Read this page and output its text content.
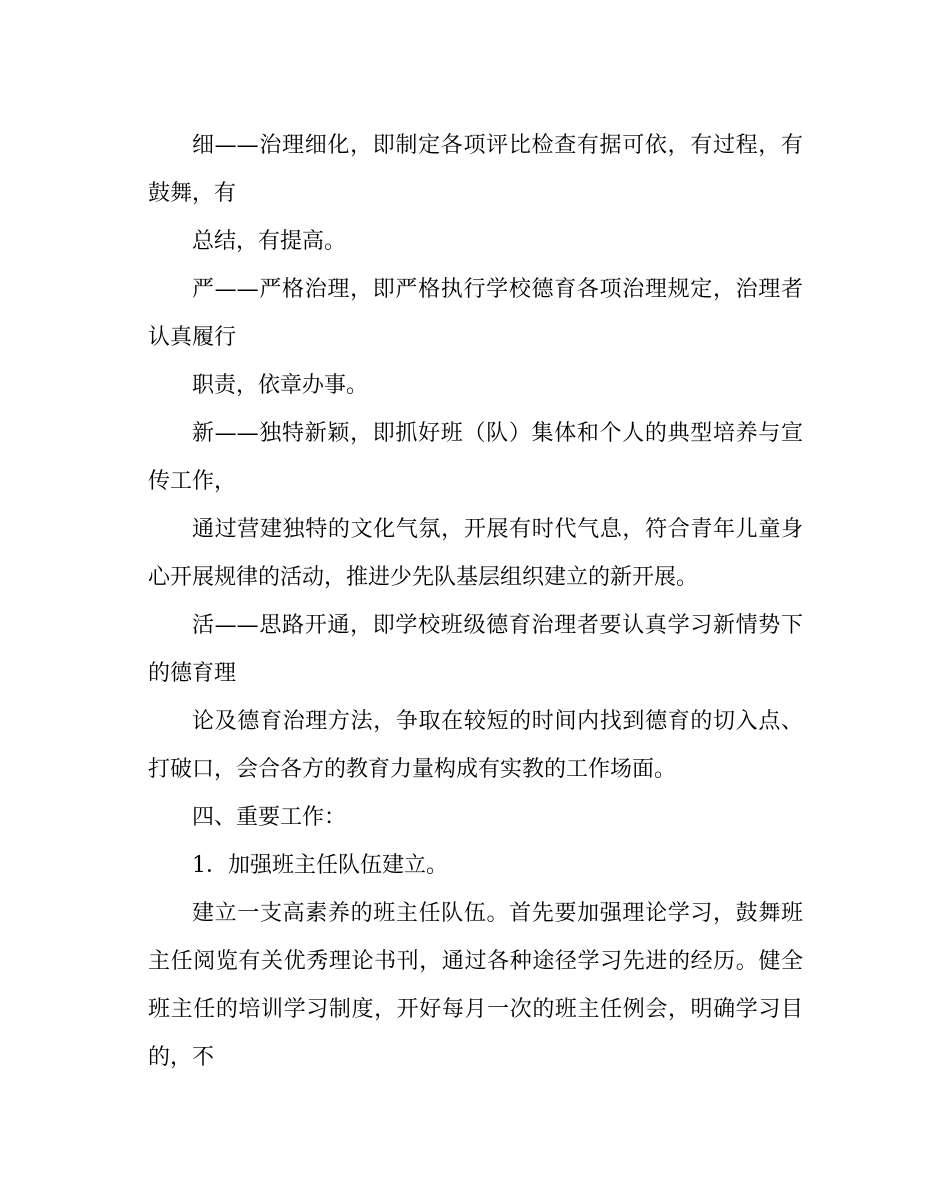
细——治理细化，即制定各项评比检查有据可依，有过程，有鼓舞，有

总结，有提高。

严——严格治理，即严格执行学校德育各项治理规定，治理者认真履行

职责，依章办事。

新——独特新颖，即抓好班（队）集体和个人的典型培养与宣传工作，

通过营建独特的文化气氛，开展有时代气息，符合青年儿童身心开展规律的活动，推进少先队基层组织建立的新开展。

活——思路开通，即学校班级德育治理者要认真学习新情势下的德育理

论及德育治理方法，争取在较短的时间内找到德育的切入点、打破口，会合各方的教育力量构成有实教的工作场面。

四、重要工作：

1．加强班主任队伍建立。

建立一支高素养的班主任队伍。首先要加强理论学习，鼓舞班主任阅览有关优秀理论书刊，通过各种途径学习先进的经历。健全班主任的培训学习制度，开好每月一次的班主任例会，明确学习目的，不
